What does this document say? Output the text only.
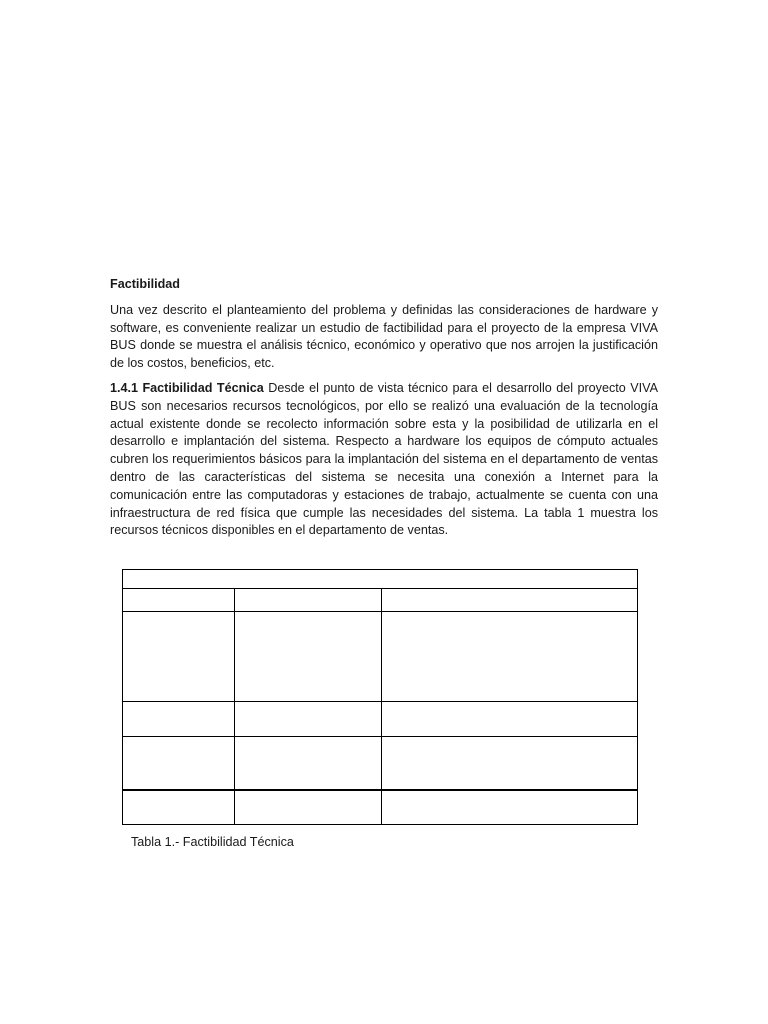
Factibilidad

Una vez descrito el planteamiento del problema y definidas las consideraciones de hardware y software, es conveniente realizar un estudio de factibilidad para el proyecto de la empresa VIVA BUS donde se muestra el análisis técnico, económico y operativo que nos arrojen la justificación de los costos, beneficios, etc.

1.4.1 Factibilidad Técnica Desde el punto de vista técnico para el desarrollo del proyecto VIVA BUS son necesarios recursos tecnológicos, por ello se realizó una evaluación de la tecnología actual existente donde se recolecto información sobre esta y la posibilidad de utilizarla en el desarrollo e implantación del sistema. Respecto a hardware los equipos de cómputo actuales cubren los requerimientos básicos para la implantación del sistema en el departamento de ventas dentro de las características del sistema se necesita una conexión a Internet para la comunicación entre las computadoras y estaciones de trabajo, actualmente se cuenta con una infraestructura de red física que cumple las necesidades del sistema. La tabla 1 muestra los recursos técnicos disponibles en el departamento de ventas.

Tabla 1.- Factibilidad Técnica
